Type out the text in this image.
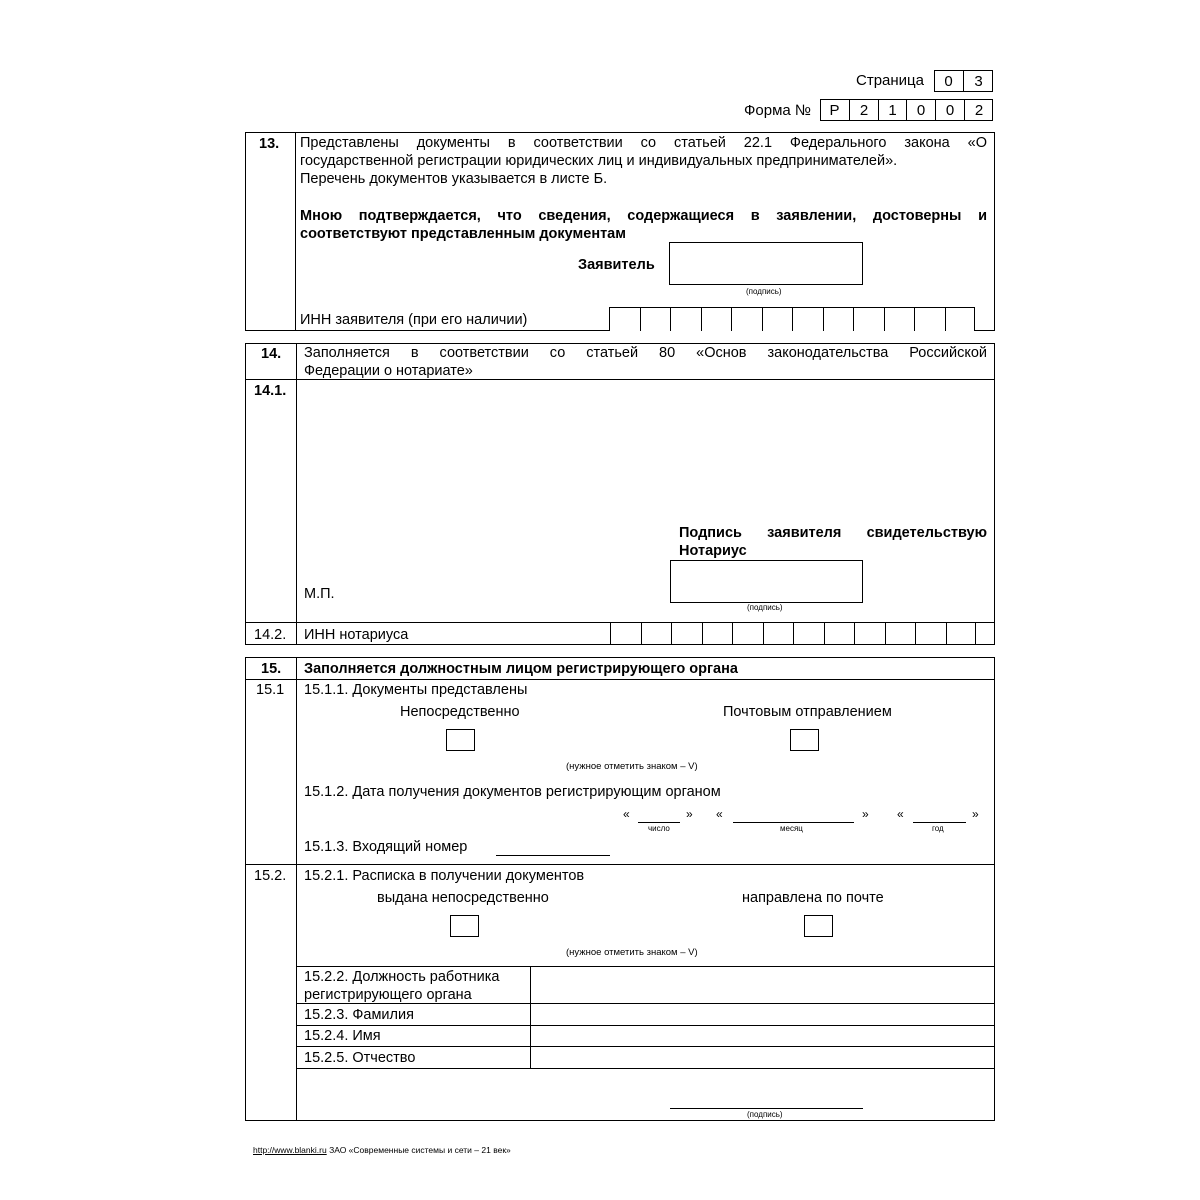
Страница	0	3
Форма №	Р	2	1	0	0	2
13. Представлены документы в соответствии со статьей 22.1 Федерального закона «О
государственной регистрации юридических лиц и индивидуальных предпринимателей».
Перечень документов указывается в листе Б.
Мною подтверждается, что сведения, содержащиеся в заявлении, достоверны и
соответствуют представленным документам
Заявитель
(подпись)
ИНН заявителя (при его наличии)
14. Заполняется в соответствии со статьей 80 «Основ законодательства Российской
Федерации о нотариате»
14.1.
Подпись заявителя свидетельствую
Нотариус
М.П.
(подпись)
14.2. ИНН нотариуса
15. Заполняется должностным лицом регистрирующего органа
15.1 15.1.1. Документы представлены
Непосредственно	Почтовым отправлением
(нужное отметить знаком – V)
15.1.2. Дата получения документов регистрирующим органом
«	»
число
«	»
месяц
«	»
год
15.1.3. Входящий номер
15.2. 15.2.1. Расписка в получении документов
выдана непосредственно	направлена по почте
(нужное отметить знаком – V)
15.2.2. Должность работника
регистрирующего органа
15.2.3. Фамилия
15.2.4. Имя
15.2.5. Отчество
(подпись)
http://www.blanki.ru ЗАО «Современные системы и сети – 21 век»
